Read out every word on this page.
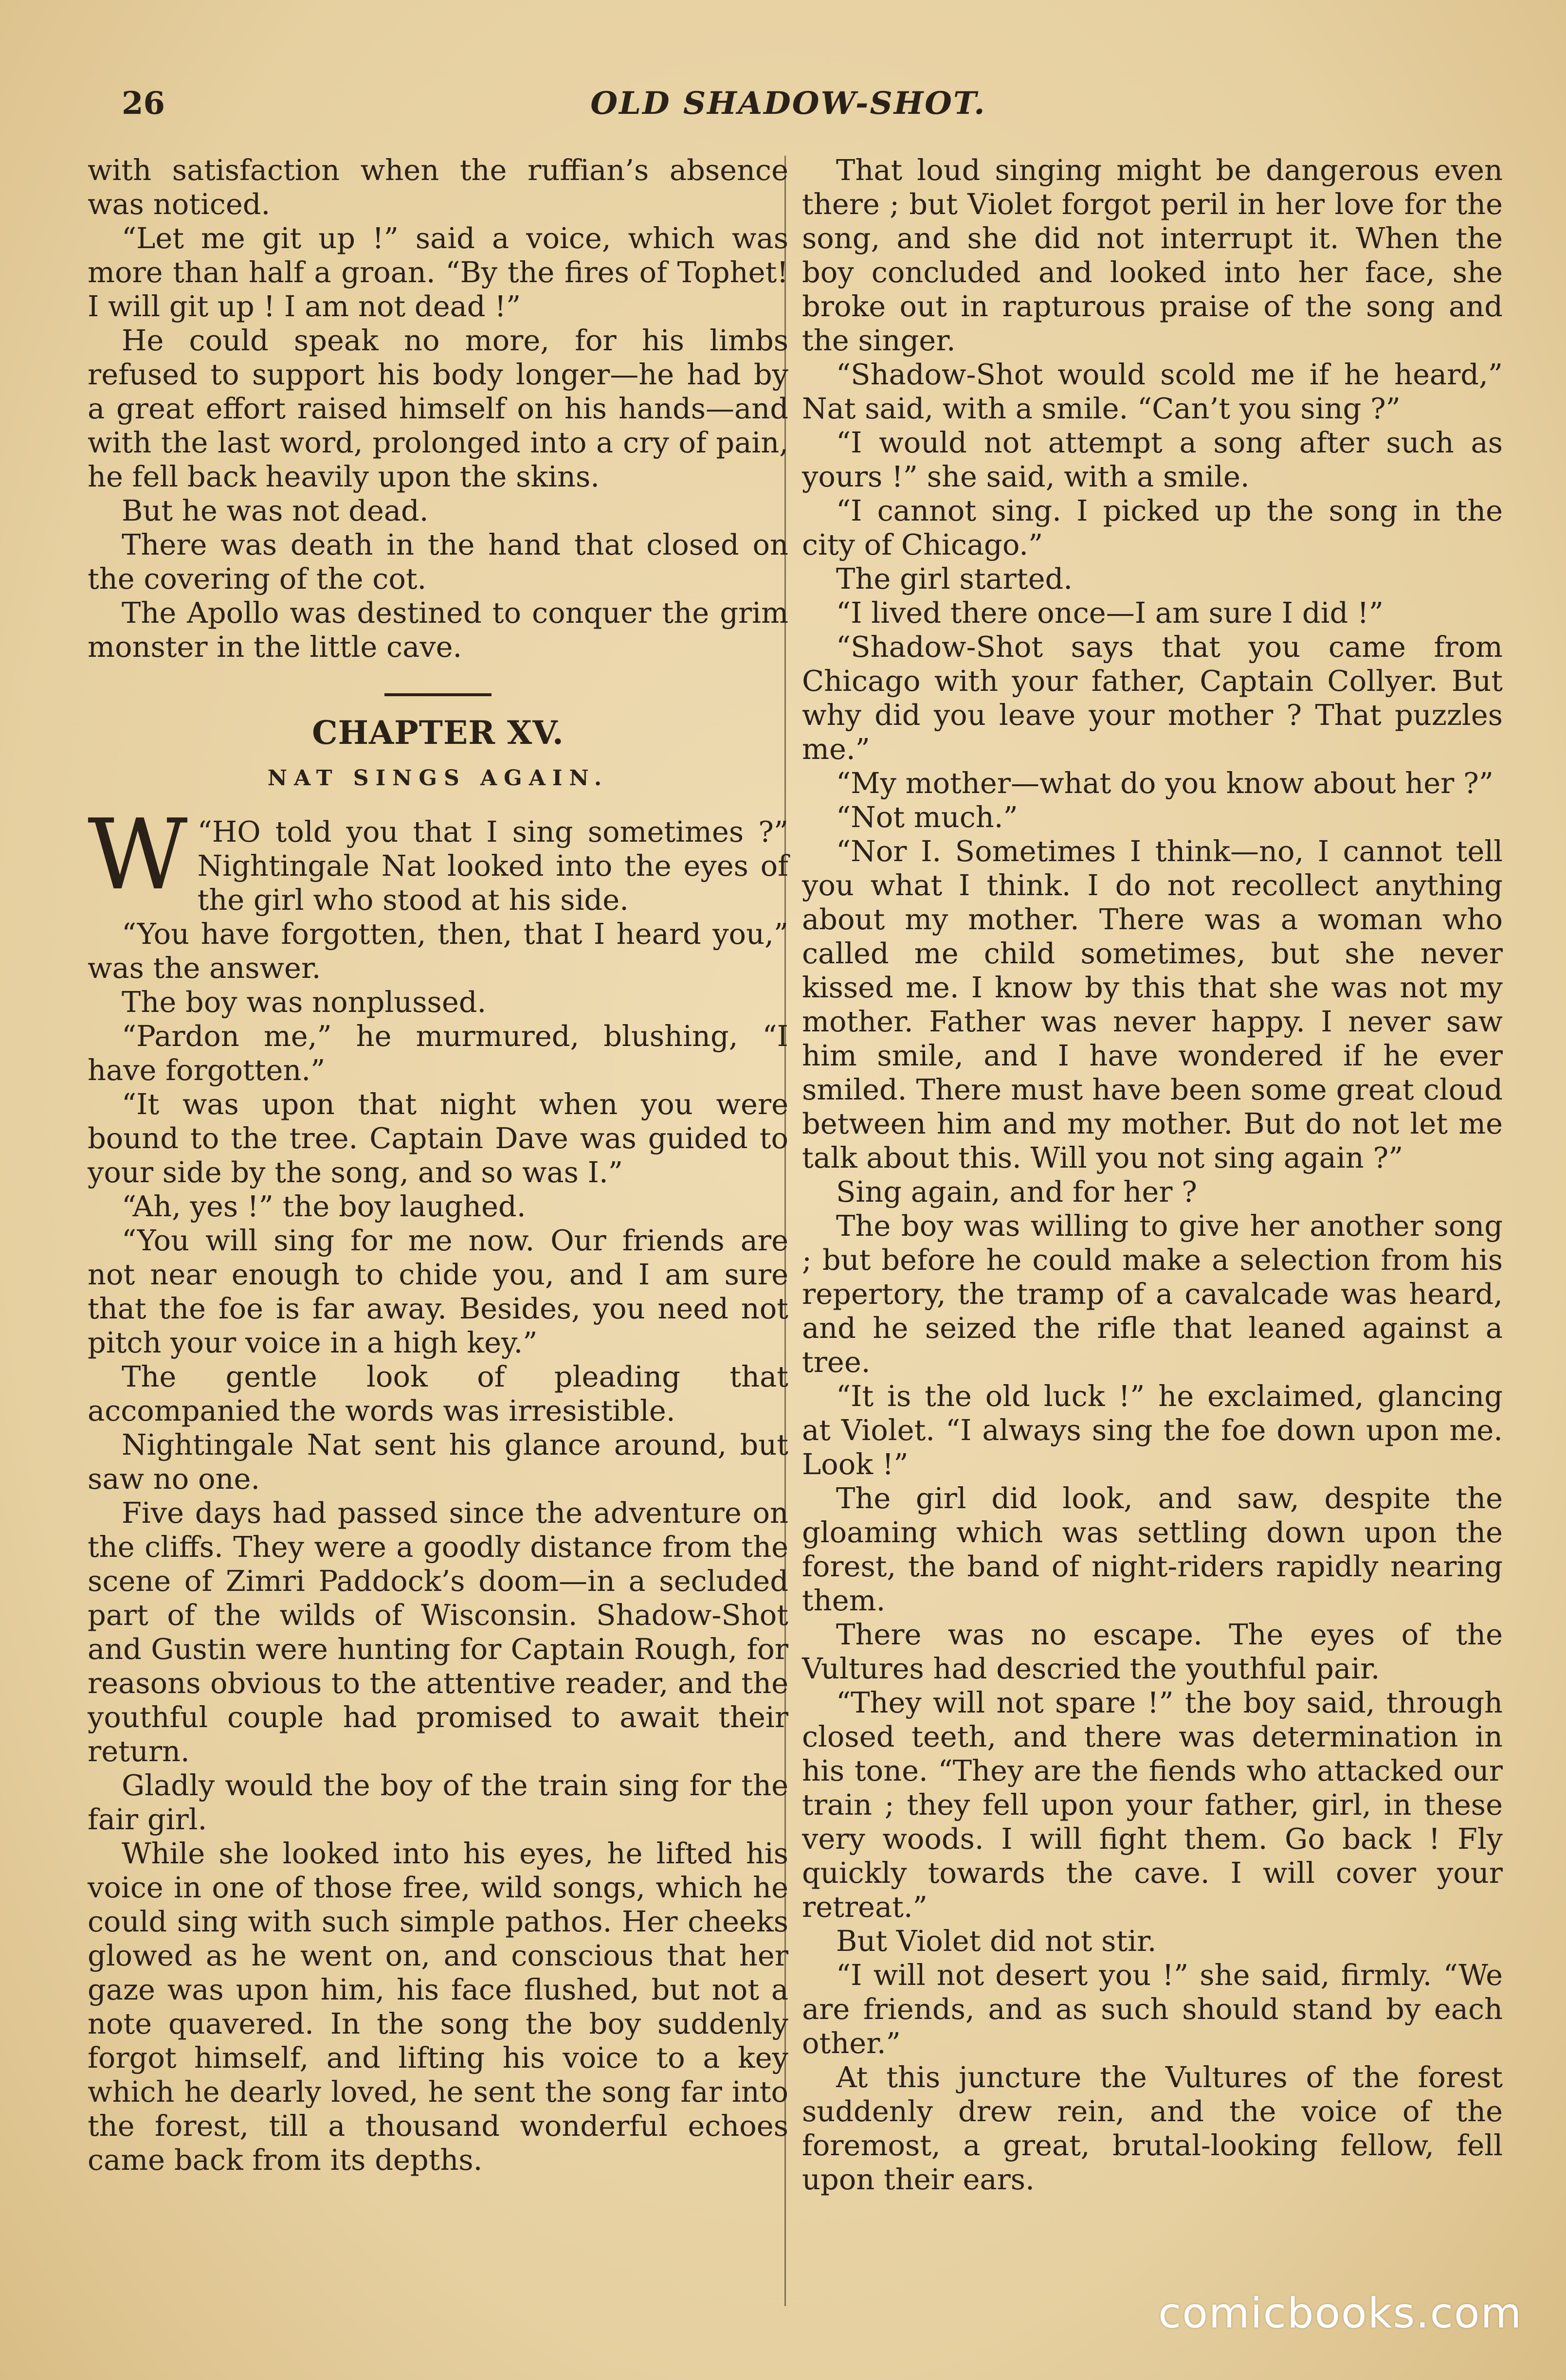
26	OLD SHADOW-SHOT.

with satisfaction when the ruffian’s absence was noticed.

“Let me git up !” said a voice, which was more than half a groan. “By the fires of Tophet! I will git up ! I am not dead !”

He could speak no more, for his limbs refused to support his body longer—he had by a great effort raised himself on his hands—and with the last word, prolonged into a cry of pain, he fell back heavily upon the skins.

But he was not dead.

There was death in the hand that closed on the covering of the cot.

The Apollo was destined to conquer the grim monster in the little cave.

CHAPTER XV.
NAT SINGS AGAIN.

“
W HO told you that I sing sometimes ?” Nightingale Nat looked into the eyes of the girl who stood at his side.

“You have forgotten, then, that I heard you,” was the answer.

The boy was nonplussed.

“Pardon me,” he murmured, blushing, “I have forgotten.”

“It was upon that night when you were bound to the tree. Captain Dave was guided to your side by the song, and so was I.”

“Ah, yes !” the boy laughed.

“You will sing for me now. Our friends are not near enough to chide you, and I am sure that the foe is far away. Besides, you need not pitch your voice in a high key.”

The gentle look of pleading that accompanied the words was irresistible.

Nightingale Nat sent his glance around, but saw no one.

Five days had passed since the adventure on the cliffs. They were a goodly distance from the scene of Zimri Paddock’s doom—in a secluded part of the wilds of Wisconsin. Shadow-Shot and Gustin were hunting for Captain Rough, for reasons obvious to the attentive reader, and the youthful couple had promised to await their return.

Gladly would the boy of the train sing for the fair girl.

While she looked into his eyes, he lifted his voice in one of those free, wild songs, which he could sing with such simple pathos. Her cheeks glowed as he went on, and conscious that her gaze was upon him, his face flushed, but not a note quavered. In the song the boy suddenly forgot himself, and lifting his voice to a key which he dearly loved, he sent the song far into the forest, till a thousand wonderful echoes came back from its depths.

That loud singing might be dangerous even there ; but Violet forgot peril in her love for the song, and she did not interrupt it. When the boy concluded and looked into her face, she broke out in rapturous praise of the song and the singer.

“Shadow-Shot would scold me if he heard,” Nat said, with a smile. “Can’t you sing ?”

“I would not attempt a song after such as yours !” she said, with a smile.

“I cannot sing. I picked up the song in the city of Chicago.”

The girl started.

“I lived there once—I am sure I did !”

“Shadow-Shot says that you came from Chicago with your father, Captain Collyer. But why did you leave your mother ? That puzzles me.”

“My mother—what do you know about her ?”

“Not much.”

“Nor I. Sometimes I think—no, I cannot tell you what I think. I do not recollect anything about my mother. There was a woman who called me child sometimes, but she never kissed me. I know by this that she was not my mother. Father was never happy. I never saw him smile, and I have wondered if he ever smiled. There must have been some great cloud between him and my mother. But do not let me talk about this. Will you not sing again ?”

Sing again, and for her ?

The boy was willing to give her another song ; but before he could make a selection from his repertory, the tramp of a cavalcade was heard, and he seized the rifle that leaned against a tree.

“It is the old luck !” he exclaimed, glancing at Violet. “I always sing the foe down upon me. Look !”

The girl did look, and saw, despite the gloaming which was settling down upon the forest, the band of night-riders rapidly nearing them.

There was no escape. The eyes of the Vultures had descried the youthful pair.

“They will not spare !” the boy said, through closed teeth, and there was determination in his tone. “They are the fiends who attacked our train ; they fell upon your father, girl, in these very woods. I will fight them. Go back ! Fly quickly towards the cave. I will cover your retreat.”

But Violet did not stir.

“I will not desert you !” she said, firmly. “We are friends, and as such should stand by each other.”

At this juncture the Vultures of the forest suddenly drew rein, and the voice of the foremost, a great, brutal-looking fellow, fell upon their ears.

comicbooks.com
